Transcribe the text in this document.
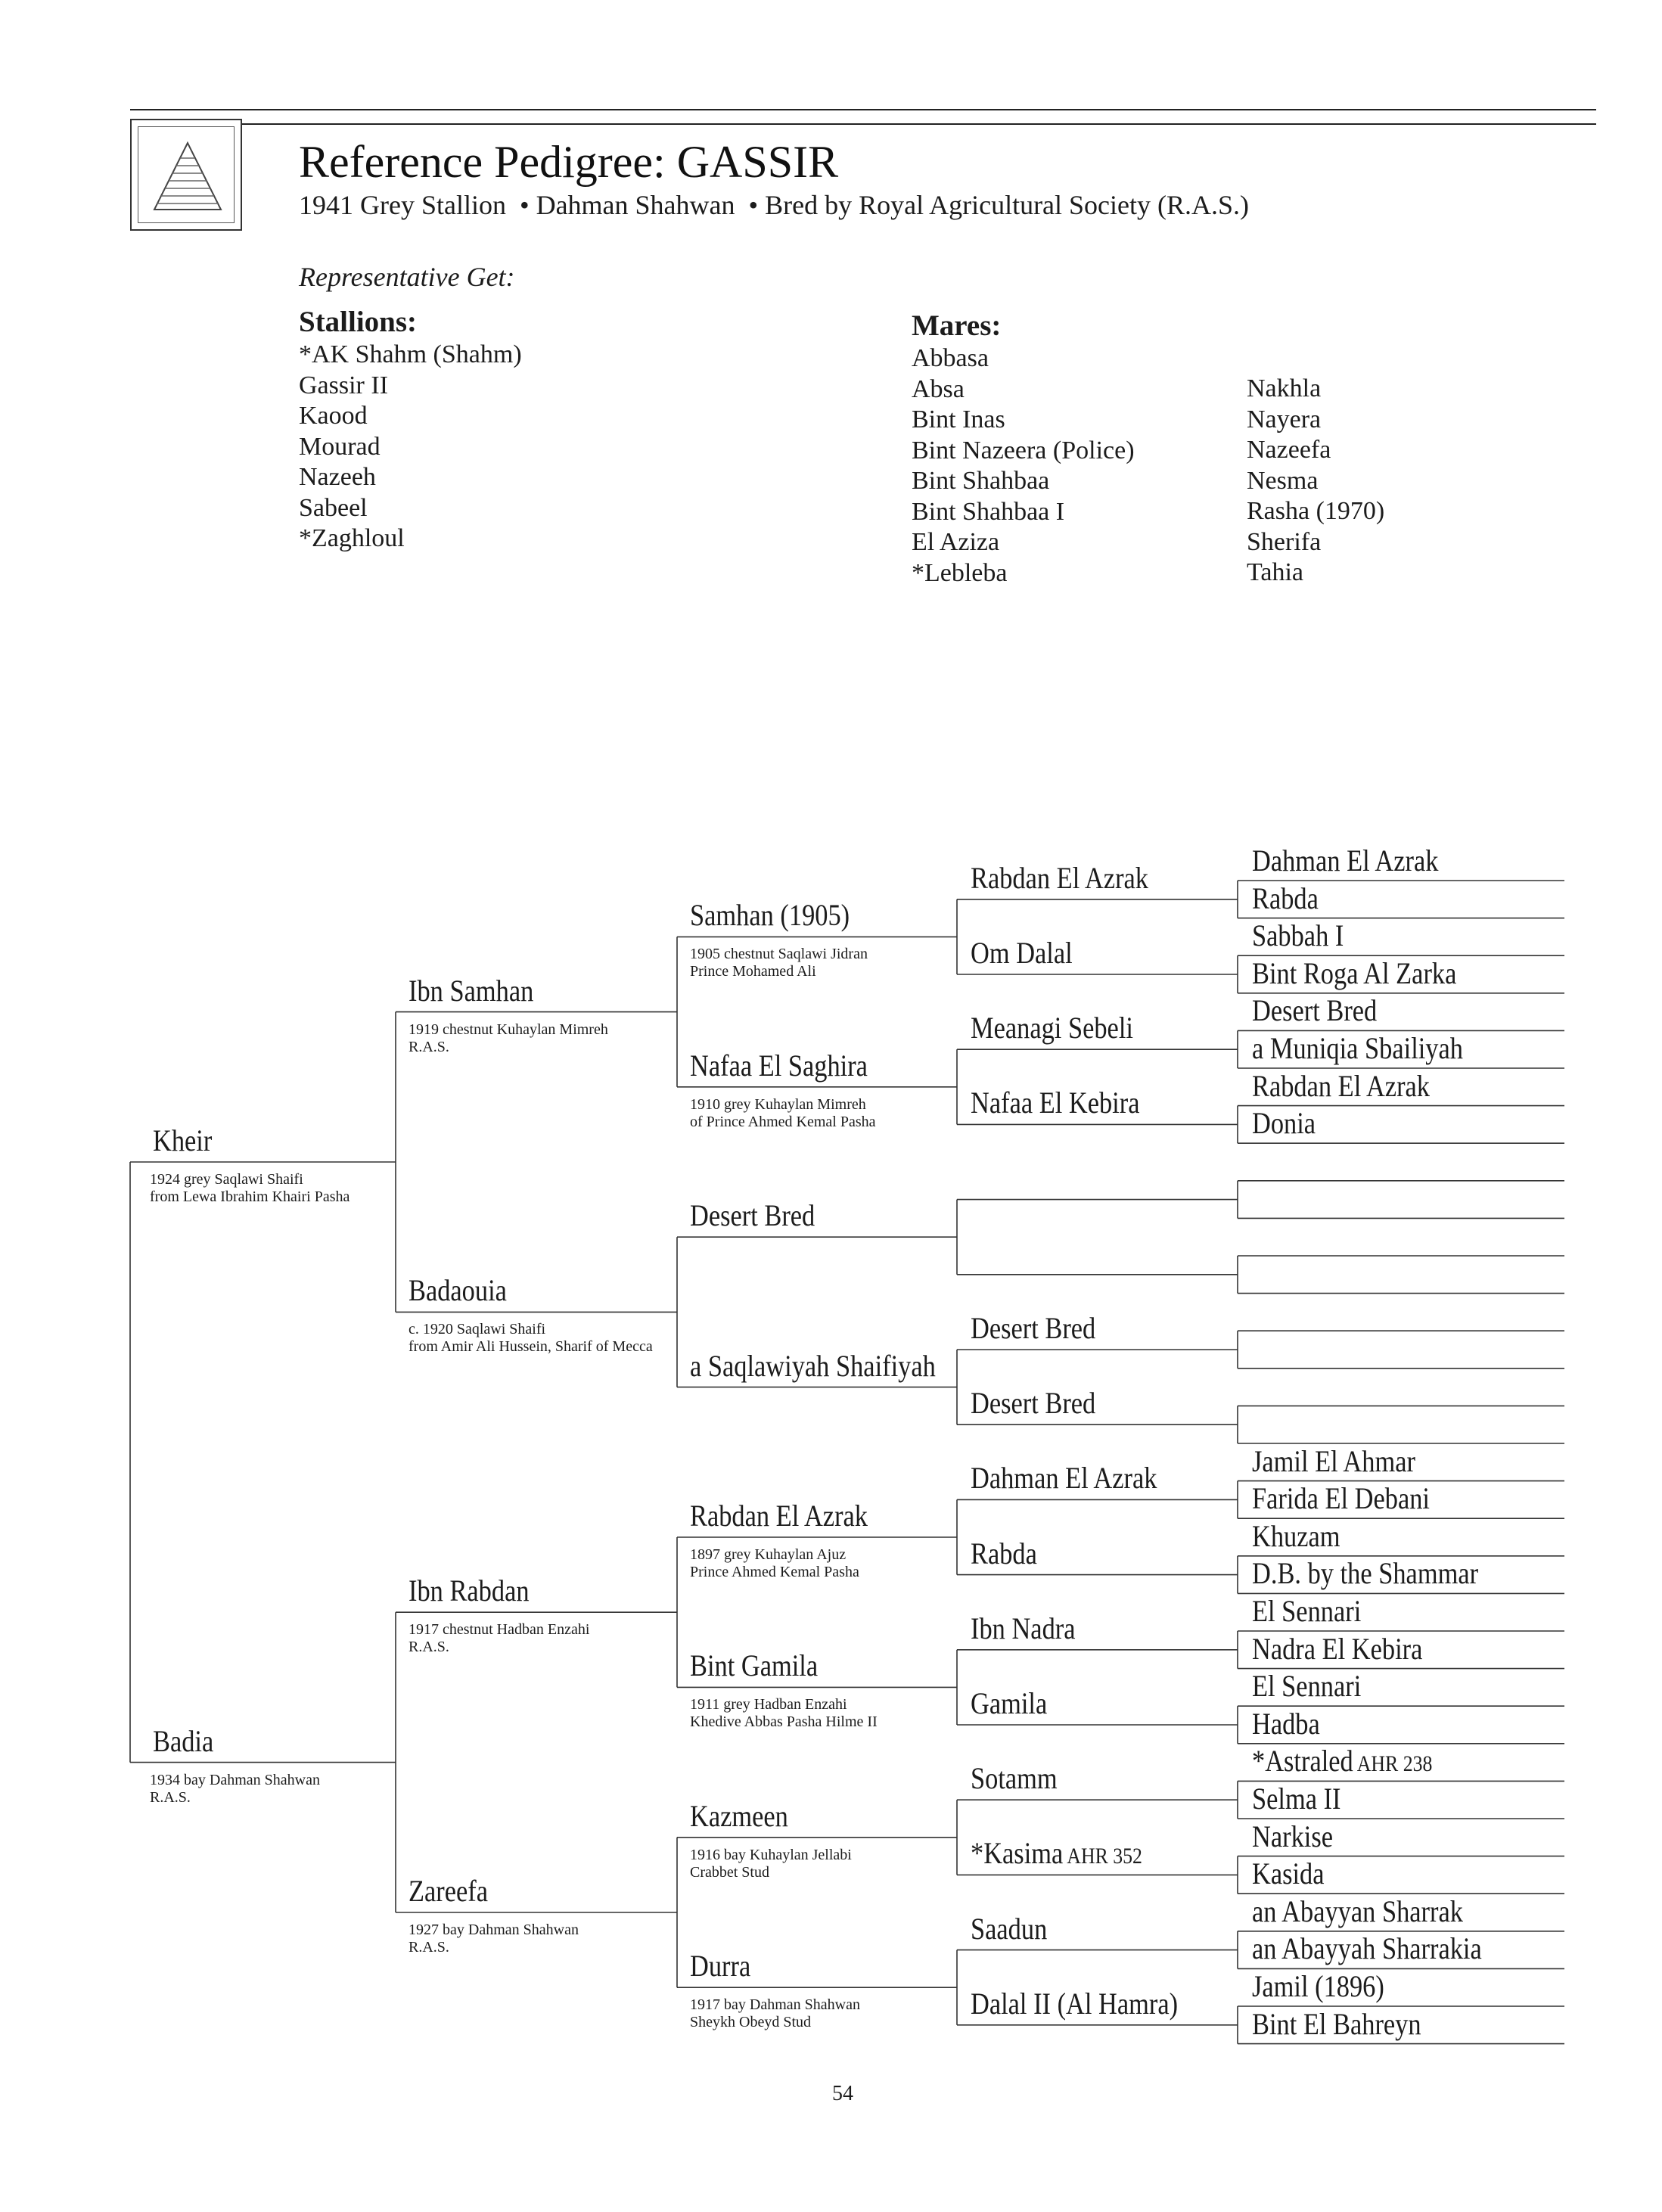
Reference Pedigree: GASSIR
1941 Grey Stallion  • Dahman Shahwan  • Bred by Royal Agricultural Society (R.A.S.)
Representative Get:
Stallions:
*AK Shahm (Shahm)
Gassir II
Kaood
Mourad
Nazeeh
Sabeel
*Zaghloul
Mares:
Abbasa
Absa
Bint Inas
Bint Nazeera (Police)
Bint Shahbaa
Bint Shahbaa I
El Aziza
*Lebleba
Nakhla
Nayera
Nazeefa
Nesma
Rasha (1970)
Sherifa
Tahia
Dahman El Azrak
Rabda
Sabbah I
Bint Roga Al Zarka
Desert Bred
a Muniqia Sbailiyah
Rabdan El Azrak
Donia
Jamil El Ahmar
Farida El Debani
Khuzam
D.B. by the Shammar
El Sennari
Nadra El Kebira
El Sennari
Hadba
*Astraled AHR 238
Selma II
Narkise
Kasida
an Abayyan Sharrak
an Abayyah Sharrakia
Jamil (1896)
Bint El Bahreyn
Rabdan El Azrak
Om Dalal
Meanagi Sebeli
Nafaa El Kebira
Desert Bred
Desert Bred
Dahman El Azrak
Rabda
Ibn Nadra
Gamila
Sotamm
*Kasima AHR 352
Saadun
Dalal II (Al Hamra)
Samhan (1905)
1905 chestnut Saqlawi Jidran
Prince Mohamed Ali
Nafaa El Saghira
1910 grey Kuhaylan Mimreh
of Prince Ahmed Kemal Pasha
Desert Bred
a Saqlawiyah Shaifiyah
Rabdan El Azrak
1897 grey Kuhaylan Ajuz
Prince Ahmed Kemal Pasha
Bint Gamila
1911 grey Hadban Enzahi
Khedive Abbas Pasha Hilme II
Kazmeen
1916 bay Kuhaylan Jellabi
Crabbet Stud
Durra
1917 bay Dahman Shahwan
Sheykh Obeyd Stud
Ibn Samhan
1919 chestnut Kuhaylan Mimreh
R.A.S.
Badaouia
c. 1920 Saqlawi Shaifi
from Amir Ali Hussein, Sharif of Mecca
Ibn Rabdan
1917 chestnut Hadban Enzahi
R.A.S.
Zareefa
1927 bay Dahman Shahwan
R.A.S.
Kheir
1924 grey Saqlawi Shaifi
from Lewa Ibrahim Khairi Pasha
Badia
1934 bay Dahman Shahwan
R.A.S.
54
